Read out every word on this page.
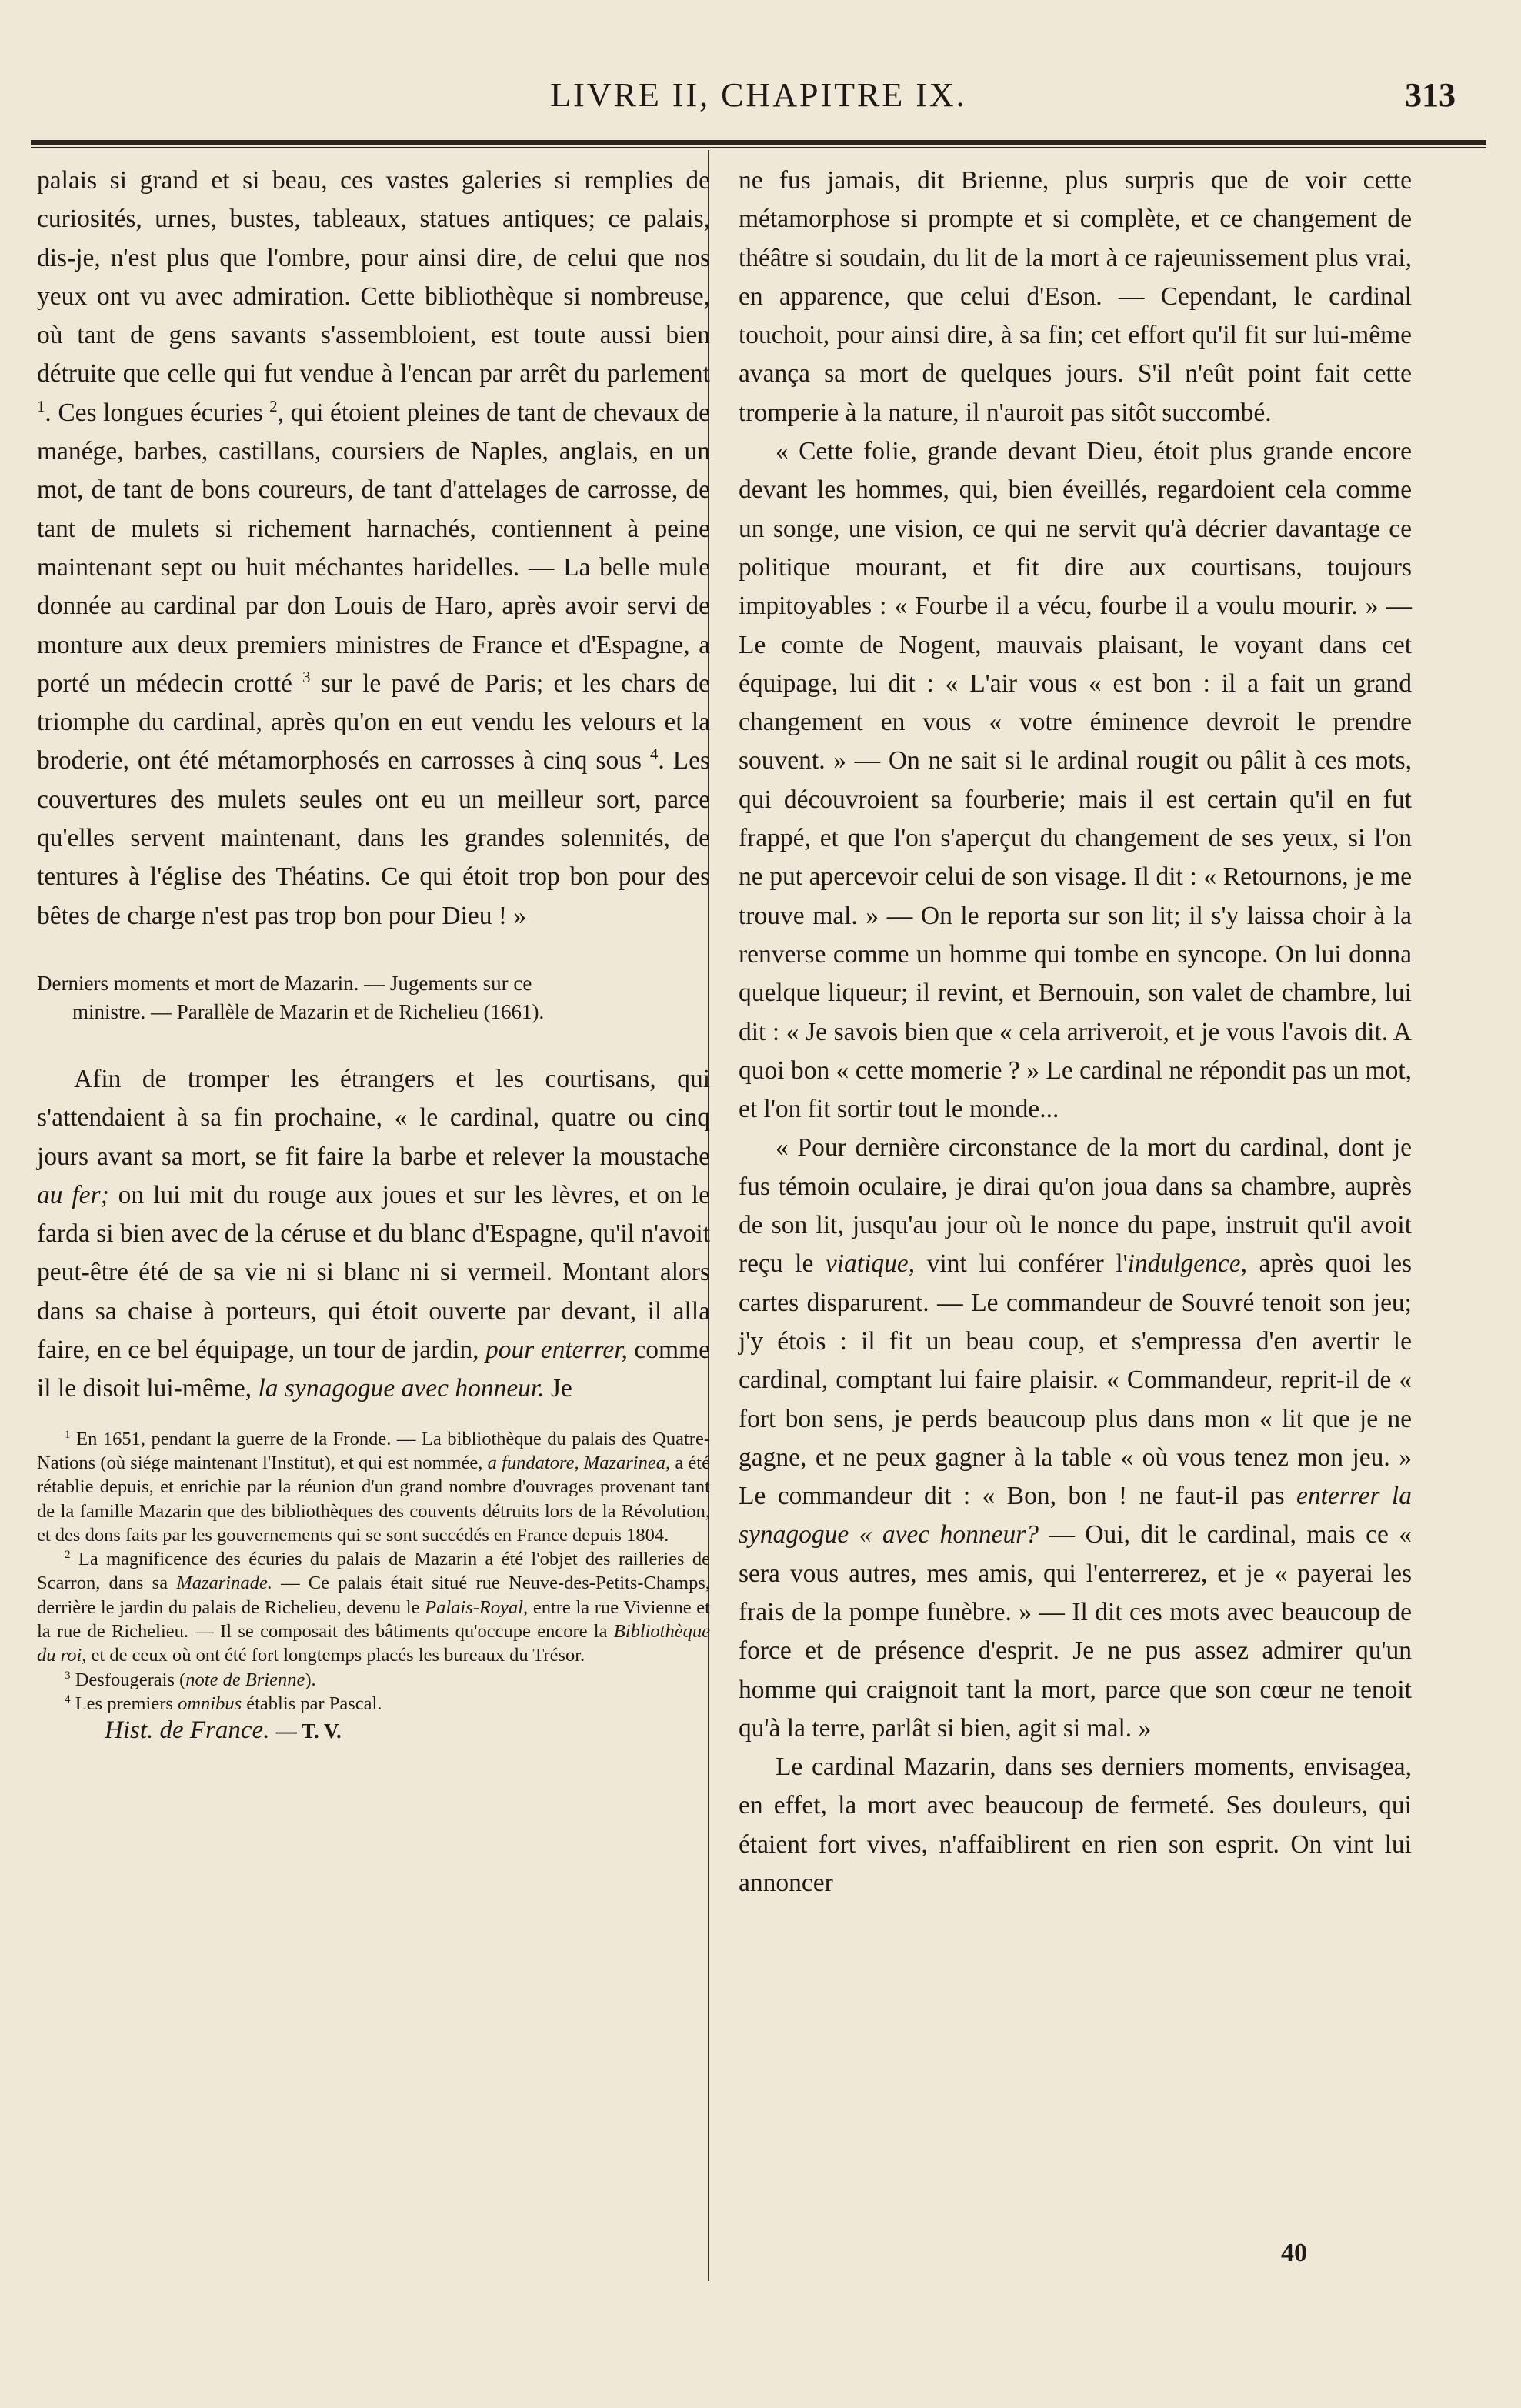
LIVRE II, CHAPITRE IX.	313

palais si grand et si beau, ces vastes galeries si remplies de curiosités, urnes, bustes, tableaux, statues antiques; ce palais, dis-je, n'est plus que l'ombre, pour ainsi dire, de celui que nos yeux ont vu avec admiration. Cette bibliothèque si nombreuse, où tant de gens savants s'assembloient, est toute aussi bien détruite que celle qui fut vendue à l'encan par arrêt du parlement $^1$. Ces longues écuries $^2$, qui étoient pleines de tant de chevaux de manége, barbes, castillans, coursiers de Naples, anglais, en un mot, de tant de bons coureurs, de tant d'attelages de carrosse, de tant de mulets si richement harnachés, contiennent à peine maintenant sept ou huit méchantes haridelles. — La belle mule donnée au cardinal par don Louis de Haro, après avoir servi de monture aux deux premiers ministres de France et d'Espagne, a porté un médecin crotté $^3$ sur le pavé de Paris; et les chars de triomphe du cardinal, après qu'on en eut vendu les velours et la broderie, ont été métamorphosés en carrosses à cinq sous $^4$. Les couvertures des mulets seules ont eu un meilleur sort, parce qu'elles servent maintenant, dans les grandes solennités, de tentures à l'église des Théatins. Ce qui étoit trop bon pour des bêtes de charge n'est pas trop bon pour Dieu ! »

Derniers moments et mort de Mazarin. — Jugements sur ce
ministre. — Parallèle de Mazarin et de Richelieu (1661).

Afin de tromper les étrangers et les courtisans, qui s'attendaient à sa fin prochaine, « le cardinal, quatre ou cinq jours avant sa mort, se fit faire la barbe et relever la moustache au fer; on lui mit du rouge aux joues et sur les lèvres, et on le farda si bien avec de la céruse et du blanc d'Espagne, qu'il n'avoit peut-être été de sa vie ni si blanc ni si vermeil. Montant alors dans sa chaise à porteurs, qui étoit ouverte par devant, il alla faire, en ce bel équipage, un tour de jardin, pour enterrer, comme il le disoit lui-même, la synagogue avec honneur. Je

$^1$ En 1651, pendant la guerre de la Fronde. — La bibliothèque du palais des Quatre-Nations (où siége maintenant l'Institut), et qui est nommée, a fundatore, Mazarinea, a été rétablie depuis, et enrichie par la réunion d'un grand nombre d'ouvrages provenant tant de la famille Mazarin que des bibliothèques des couvents détruits lors de la Révolution, et des dons faits par les gouvernements qui se sont succédés en France depuis 1804.

$^2$ La magnificence des écuries du palais de Mazarin a été l'objet des railleries de Scarron, dans sa Mazarinade. — Ce palais était situé rue Neuve-des-Petits-Champs, derrière le jardin du palais de Richelieu, devenu le Palais-Royal, entre la rue Vivienne et la rue de Richelieu. — Il se composait des bâtiments qu'occupe encore la Bibliothèque du roi, et de ceux où ont été fort longtemps placés les bureaux du Trésor.

$^3$ Desfougerais (note de Brienne).

$^4$ Les premiers omnibus établis par Pascal.

Hist. de France. — T. V.

ne fus jamais, dit Brienne, plus surpris que de voir cette métamorphose si prompte et si complète, et ce changement de théâtre si soudain, du lit de la mort à ce rajeunissement plus vrai, en apparence, que celui d'Eson. — Cependant, le cardinal touchoit, pour ainsi dire, à sa fin; cet effort qu'il fit sur lui-même avança sa mort de quelques jours. S'il n'eût point fait cette tromperie à la nature, il n'auroit pas sitôt succombé.

« Cette folie, grande devant Dieu, étoit plus grande encore devant les hommes, qui, bien éveillés, regardoient cela comme un songe, une vision, ce qui ne servit qu'à décrier davantage ce politique mourant, et fit dire aux courtisans, toujours impitoyables : « Fourbe il a vécu, fourbe il a voulu mourir. » — Le comte de Nogent, mauvais plaisant, le voyant dans cet équipage, lui dit : « L'air vous « est bon : il a fait un grand changement en vous « votre éminence devroit le prendre souvent. » — On ne sait si le ardinal rougit ou pâlit à ces mots, qui découvroient sa fourberie; mais il est certain qu'il en fut frappé, et que l'on s'aperçut du changement de ses yeux, si l'on ne put apercevoir celui de son visage. Il dit : « Retournons, je me trouve mal. » — On le reporta sur son lit; il s'y laissa choir à la renverse comme un homme qui tombe en syncope. On lui donna quelque liqueur; il revint, et Bernouin, son valet de chambre, lui dit : « Je savois bien que « cela arriveroit, et je vous l'avois dit. A quoi bon « cette momerie ? » Le cardinal ne répondit pas un mot, et l'on fit sortir tout le monde...

« Pour dernière circonstance de la mort du cardinal, dont je fus témoin oculaire, je dirai qu'on joua dans sa chambre, auprès de son lit, jusqu'au jour où le nonce du pape, instruit qu'il avoit reçu le viatique, vint lui conférer l'indulgence, après quoi les cartes disparurent. — Le commandeur de Souvré tenoit son jeu; j'y étois : il fit un beau coup, et s'empressa d'en avertir le cardinal, comptant lui faire plaisir. « Commandeur, reprit-il de « fort bon sens, je perds beaucoup plus dans mon « lit que je ne gagne, et ne peux gagner à la table « où vous tenez mon jeu. » Le commandeur dit : « Bon, bon ! ne faut-il pas enterrer la synagogue « avec honneur? — Oui, dit le cardinal, mais ce « sera vous autres, mes amis, qui l'enterrerez, et je « payerai les frais de la pompe funèbre. » — Il dit ces mots avec beaucoup de force et de présence d'esprit. Je ne pus assez admirer qu'un homme qui craignoit tant la mort, parce que son cœur ne tenoit qu'à la terre, parlât si bien, agit si mal. »

Le cardinal Mazarin, dans ses derniers moments, envisagea, en effet, la mort avec beaucoup de fermeté. Ses douleurs, qui étaient fort vives, n'affaiblirent en rien son esprit. On vint lui annoncer

40
